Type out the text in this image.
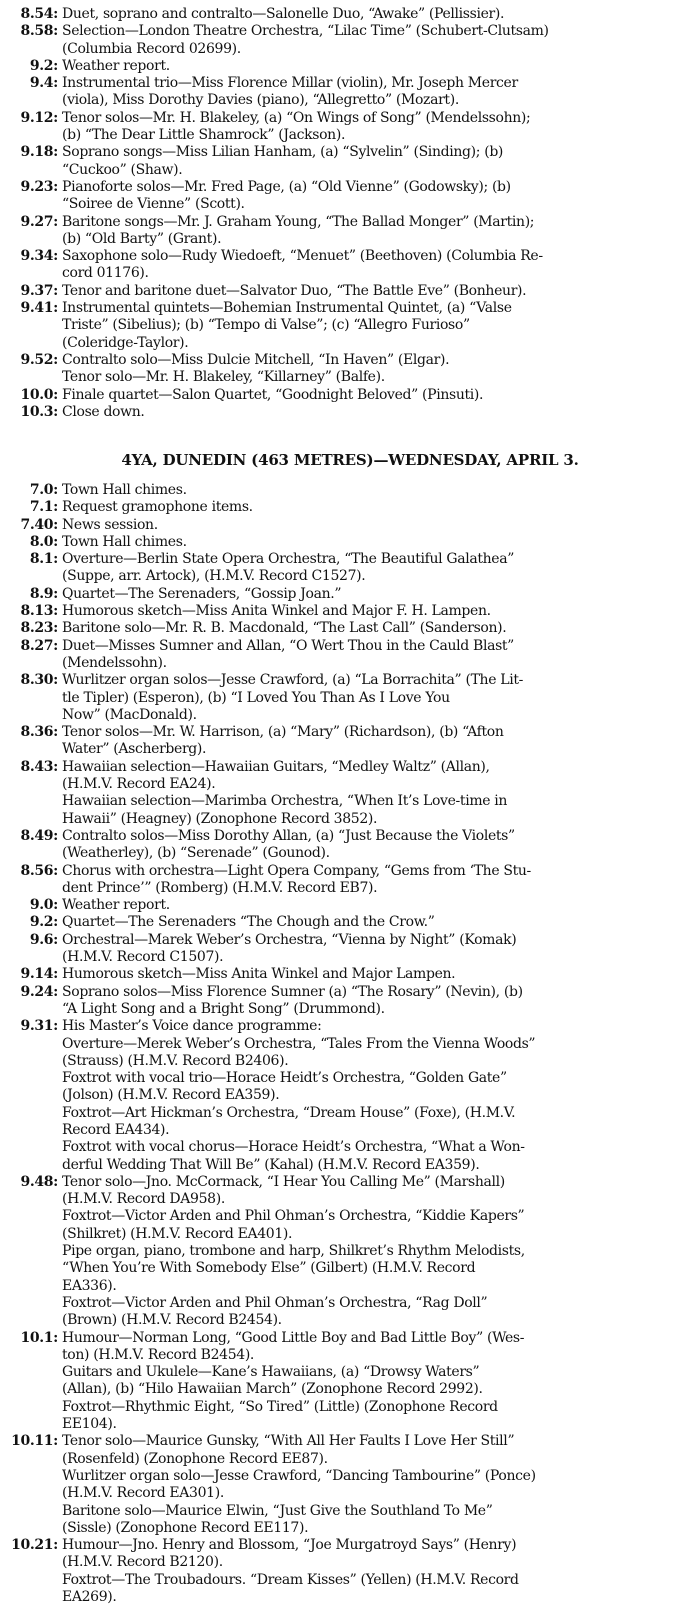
8.54: Duet, soprano and contralto—Salonelle Duo, “Awake” (Pellissier).
8.58: Selection—London Theatre Orchestra, “Lilac Time” (Schubert-Clutsam)
(Columbia Record 02699).
9.2: Weather report.
9.4: Instrumental trio—Miss Florence Millar (violin), Mr. Joseph Mercer
(viola), Miss Dorothy Davies (piano), “Allegretto” (Mozart).
9.12: Tenor solos—Mr. H. Blakeley, (a) “On Wings of Song” (Mendelssohn);
(b) “The Dear Little Shamrock” (Jackson).
9.18: Soprano songs—Miss Lilian Hanham, (a) “Sylvelin” (Sinding); (b)
“Cuckoo” (Shaw).
9.23: Pianoforte solos—Mr. Fred Page, (a) “Old Vienne” (Godowsky); (b)
“Soiree de Vienne” (Scott).
9.27: Baritone songs—Mr. J. Graham Young, “The Ballad Monger” (Martin);
(b) “Old Barty” (Grant).
9.34: Saxophone solo—Rudy Wiedoeft, “Menuet” (Beethoven) (Columbia Re-
cord 01176).
9.37: Tenor and baritone duet—Salvator Duo, “The Battle Eve” (Bonheur).
9.41: Instrumental quintets—Bohemian Instrumental Quintet, (a) “Valse
Triste” (Sibelius); (b) “Tempo di Valse”; (c) “Allegro Furioso”
(Coleridge-Taylor).
9.52: Contralto solo—Miss Dulcie Mitchell, “In Haven” (Elgar).
Tenor solo—Mr. H. Blakeley, “Killarney” (Balfe).
10.0: Finale quartet—Salon Quartet, “Goodnight Beloved” (Pinsuti).
10.3: Close down.
4YA, DUNEDIN (463 METRES)—WEDNESDAY, APRIL 3.
7.0: Town Hall chimes.
7.1: Request gramophone items.
7.40: News session.
8.0: Town Hall chimes.
8.1: Overture—Berlin State Opera Orchestra, “The Beautiful Galathea”
(Suppe, arr. Artock), (H.M.V. Record C1527).
8.9: Quartet—The Serenaders, “Gossip Joan.”
8.13: Humorous sketch—Miss Anita Winkel and Major F. H. Lampen.
8.23: Baritone solo—Mr. R. B. Macdonald, “The Last Call” (Sanderson).
8.27: Duet—Misses Sumner and Allan, “O Wert Thou in the Cauld Blast”
(Mendelssohn).
8.30: Wurlitzer organ solos—Jesse Crawford, (a) “La Borrachita” (The Lit-
tle Tipler) (Esperon), (b) “I Loved You Than As I Love You
Now” (MacDonald).
8.36: Tenor solos—Mr. W. Harrison, (a) “Mary” (Richardson), (b) “Afton
Water” (Ascherberg).
8.43: Hawaiian selection—Hawaiian Guitars, “Medley Waltz” (Allan),
(H.M.V. Record EA24).
Hawaiian selection—Marimba Orchestra, “When It’s Love-time in
Hawaii” (Heagney) (Zonophone Record 3852).
8.49: Contralto solos—Miss Dorothy Allan, (a) “Just Because the Violets”
(Weatherley), (b) “Serenade” (Gounod).
8.56: Chorus with orchestra—Light Opera Company, “Gems from ‘The Stu-
dent Prince’” (Romberg) (H.M.V. Record EB7).
9.0: Weather report.
9.2: Quartet—The Serenaders “The Chough and the Crow.”
9.6: Orchestral—Marek Weber’s Orchestra, “Vienna by Night” (Komak)
(H.M.V. Record C1507).
9.14: Humorous sketch—Miss Anita Winkel and Major Lampen.
9.24: Soprano solos—Miss Florence Sumner (a) “The Rosary” (Nevin), (b)
“A Light Song and a Bright Song” (Drummond).
9.31: His Master’s Voice dance programme:
Overture—Merek Weber’s Orchestra, “Tales From the Vienna Woods”
(Strauss) (H.M.V. Record B2406).
Foxtrot with vocal trio—Horace Heidt’s Orchestra, “Golden Gate”
(Jolson) (H.M.V. Record EA359).
Foxtrot—Art Hickman’s Orchestra, “Dream House” (Foxe), (H.M.V.
Record EA434).
Foxtrot with vocal chorus—Horace Heidt’s Orchestra, “What a Won-
derful Wedding That Will Be” (Kahal) (H.M.V. Record EA359).
9.48: Tenor solo—Jno. McCormack, “I Hear You Calling Me” (Marshall)
(H.M.V. Record DA958).
Foxtrot—Victor Arden and Phil Ohman’s Orchestra, “Kiddie Kapers”
(Shilkret) (H.M.V. Record EA401).
Pipe organ, piano, trombone and harp, Shilkret’s Rhythm Melodists,
“When You’re With Somebody Else” (Gilbert) (H.M.V. Record
EA336).
Foxtrot—Victor Arden and Phil Ohman’s Orchestra, “Rag Doll”
(Brown) (H.M.V. Record B2454).
10.1: Humour—Norman Long, “Good Little Boy and Bad Little Boy” (Wes-
ton) (H.M.V. Record B2454).
Guitars and Ukulele—Kane’s Hawaiians, (a) “Drowsy Waters”
(Allan), (b) “Hilo Hawaiian March” (Zonophone Record 2992).
Foxtrot—Rhythmic Eight, “So Tired” (Little) (Zonophone Record
EE104).
10.11: Tenor solo—Maurice Gunsky, “With All Her Faults I Love Her Still”
(Rosenfeld) (Zonophone Record EE87).
Wurlitzer organ solo—Jesse Crawford, “Dancing Tambourine” (Ponce)
(H.M.V. Record EA301).
Baritone solo—Maurice Elwin, “Just Give the Southland To Me”
(Sissle) (Zonophone Record EE117).
10.21: Humour—Jno. Henry and Blossom, “Joe Murgatroyd Says” (Henry)
(H.M.V. Record B2120).
Foxtrot—The Troubadours. “Dream Kisses” (Yellen) (H.M.V. Record
EA269).
